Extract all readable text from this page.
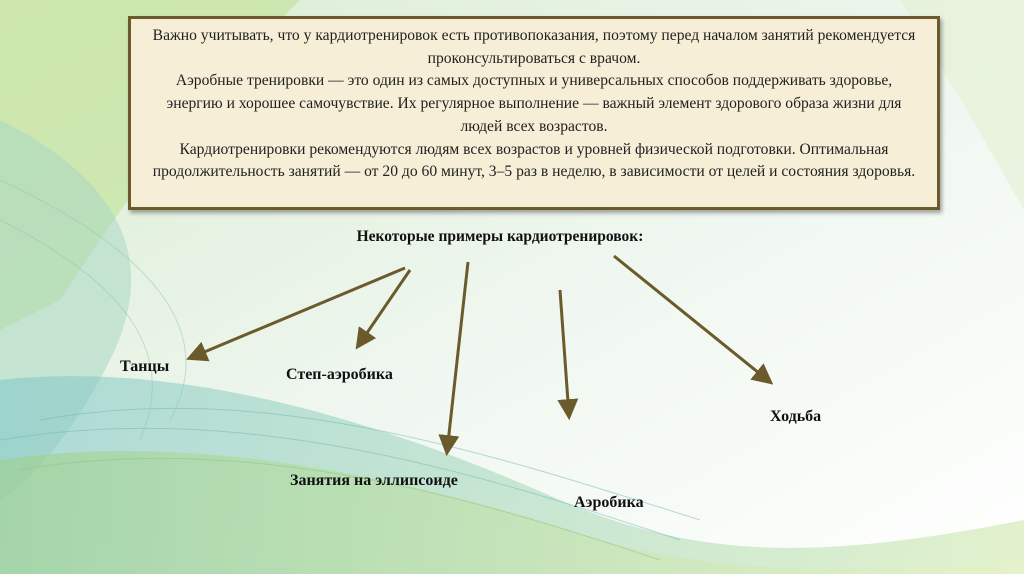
Важно учитывать, что у кардиотренировок есть противопоказания, поэтому перед началом занятий рекомендуется проконсультироваться с врачом.

Аэробные тренировки — это один из самых доступных и универсальных способов поддерживать здоровье, энергию и хорошее самочувствие. Их регулярное выполнение — важный элемент здорового образа жизни для людей всех возрастов.

Кардиотренировки рекомендуются людям всех возрастов и уровней физической подготовки. Оптимальная продолжительность занятий — от 20 до 60 минут, 3–5 раз в неделю, в зависимости от целей и состояния здоровья.

Некоторые примеры кардиотренировок:
Танцы	Степ-аэробика
Занятия на эллипсоиде
Аэробика
Ходьба
